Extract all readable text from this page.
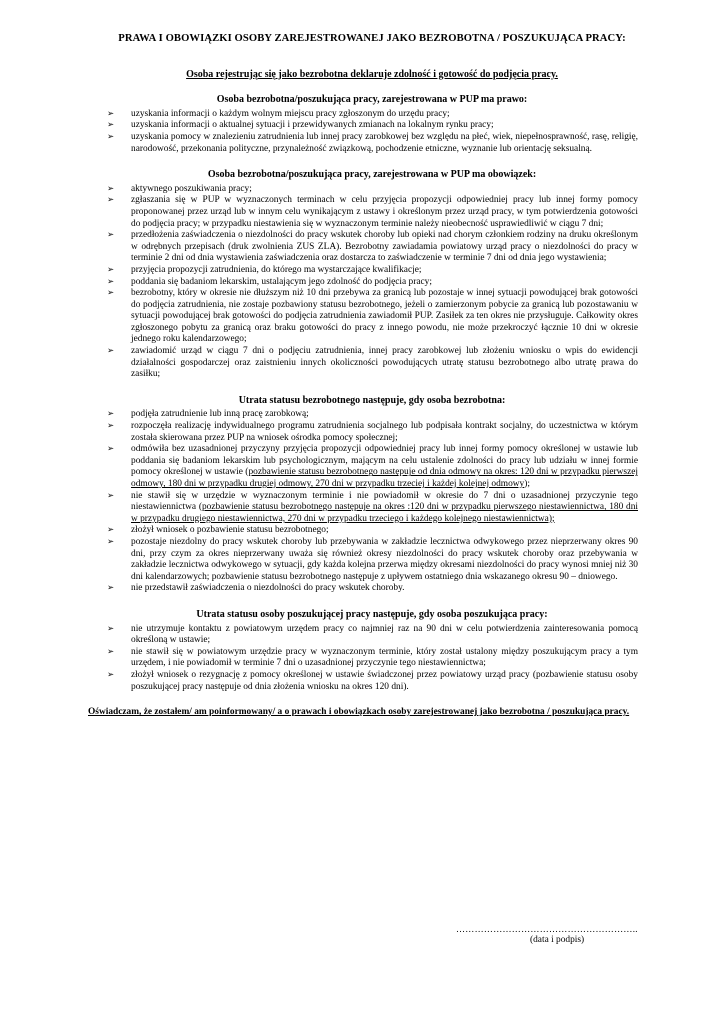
PRAWA I OBOWIĄZKI OSOBY ZAREJESTROWANEJ JAKO BEZROBOTNA / POSZUKUJĄCA PRACY:
Osoba rejestrując się jako bezrobotna deklaruje zdolność i gotowość do podjęcia pracy.
Osoba bezrobotna/poszukująca pracy, zarejestrowana w PUP ma prawo:
➢ uzyskania informacji o każdym wolnym miejscu pracy zgłoszonym do urzędu pracy;
➢ uzyskania informacji o aktualnej sytuacji i przewidywanych zmianach na lokalnym rynku pracy;
➢ uzyskania pomocy w znalezieniu zatrudnienia lub innej pracy zarobkowej bez względu na płeć, wiek, niepełnosprawność, rasę, religię, narodowość, przekonania polityczne, przynależność związkową, pochodzenie etniczne, wyznanie lub orientację seksualną.
Osoba bezrobotna/poszukująca pracy, zarejestrowana w PUP ma obowiązek:
➢ aktywnego poszukiwania pracy;
➢ zgłaszania się w PUP w wyznaczonych terminach w celu przyjęcia propozycji odpowiedniej pracy lub innej formy pomocy proponowanej przez urząd lub w innym celu wynikającym z ustawy i określonym przez urząd pracy, w tym potwierdzenia gotowości do podjęcia pracy; w przypadku niestawienia się w wyznaczonym terminie należy nieobecność usprawiedliwić w ciągu 7 dni;
➢ przedłożenia zaświadczenia o niezdolności do pracy wskutek choroby lub opieki nad chorym członkiem rodziny na druku określonym w odrębnych przepisach (druk zwolnienia ZUS ZLA). Bezrobotny zawiadamia powiatowy urząd pracy o niezdolności do pracy w terminie 2 dni od dnia wystawienia zaświadczenia oraz dostarcza to zaświadczenie w terminie 7 dni od dnia jego wystawienia;
➢ przyjęcia propozycji zatrudnienia, do którego ma wystarczające kwalifikacje;
➢ poddania się badaniom lekarskim, ustalającym jego zdolność do podjęcia pracy;
➢ bezrobotny, który w okresie nie dłuższym niż 10 dni przebywa za granicą lub pozostaje w innej sytuacji powodującej brak gotowości do podjęcia zatrudnienia, nie zostaje pozbawiony statusu bezrobotnego, jeżeli o zamierzonym pobycie za granicą lub pozostawaniu w sytuacji powodującej brak gotowości do podjęcia zatrudnienia zawiadomił PUP. Zasiłek za ten okres nie przysługuje. Całkowity okres zgłoszonego pobytu za granicą oraz braku gotowości do pracy z innego powodu, nie może przekroczyć łącznie 10 dni w okresie jednego roku kalendarzowego;
➢ zawiadomić urząd w ciągu 7 dni o podjęciu zatrudnienia, innej pracy zarobkowej lub złożeniu wniosku o wpis do ewidencji działalności gospodarczej oraz zaistnieniu innych okoliczności powodujących utratę statusu bezrobotnego albo utratę prawa do zasiłku;
Utrata statusu bezrobotnego następuje, gdy osoba bezrobotna:
➢ podjęła zatrudnienie lub inną pracę zarobkową;
➢ rozpoczęła realizację indywidualnego programu zatrudnienia socjalnego lub podpisała kontrakt socjalny, do uczestnictwa w którym została skierowana przez PUP na wniosek ośrodka pomocy społecznej;
➢ odmówiła bez uzasadnionej przyczyny przyjęcia propozycji odpowiedniej pracy lub innej formy pomocy określonej w ustawie lub poddania się badaniom lekarskim lub psychologicznym, mającym na celu ustalenie zdolności do pracy lub udziału w innej formie pomocy określonej w ustawie (pozbawienie statusu bezrobotnego następuje od dnia odmowy na okres: 120 dni w przypadku pierwszej odmowy, 180 dni w przypadku drugiej odmowy, 270 dni w przypadku trzeciej i każdej kolejnej odmowy);
➢ nie stawił się w urzędzie w wyznaczonym terminie i nie powiadomił w okresie do 7 dni o uzasadnionej przyczynie tego niestawiennictwa (pozbawienie statusu bezrobotnego następuje na okres :120 dni w przypadku pierwszego niestawiennictwa, 180 dni w przypadku drugiego niestawiennictwa, 270 dni w przypadku trzeciego i każdego kolejnego niestawiennictwa);
➢ złożył wniosek o pozbawienie statusu bezrobotnego;
➢ pozostaje niezdolny do pracy wskutek choroby lub przebywania w zakładzie lecznictwa odwykowego przez nieprzerwany okres 90 dni, przy czym za okres nieprzerwany uważa się również okresy niezdolności do pracy wskutek choroby oraz przebywania w zakładzie lecznictwa odwykowego w sytuacji, gdy każda kolejna przerwa między okresami niezdolności do pracy wynosi mniej niż 30 dni kalendarzowych; pozbawienie statusu bezrobotnego następuje z upływem ostatniego dnia wskazanego okresu 90 – dniowego.
➢ nie przedstawił zaświadczenia o niezdolności do pracy wskutek choroby.
Utrata statusu osoby poszukującej pracy następuje, gdy osoba poszukująca pracy:
➢ nie utrzymuje kontaktu z powiatowym urzędem pracy co najmniej raz na 90 dni w celu potwierdzenia zainteresowania pomocą określoną w ustawie;
➢ nie stawił się w powiatowym urzędzie pracy w wyznaczonym terminie, który został ustalony między poszukującym pracy a tym urzędem, i nie powiadomił w terminie 7 dni o uzasadnionej przyczynie tego niestawiennictwa;
➢ złożył wniosek o rezygnację z pomocy określonej w ustawie świadczonej przez powiatowy urząd pracy (pozbawienie statusu osoby poszukującej pracy następuje od dnia złożenia wniosku na okres 120 dni).
Oświadczam, że zostałem/ am poinformowany/ a o prawach i obowiązkach osoby zarejestrowanej jako bezrobotna / poszukująca pracy.
…………………………………………………..
(data i podpis)
